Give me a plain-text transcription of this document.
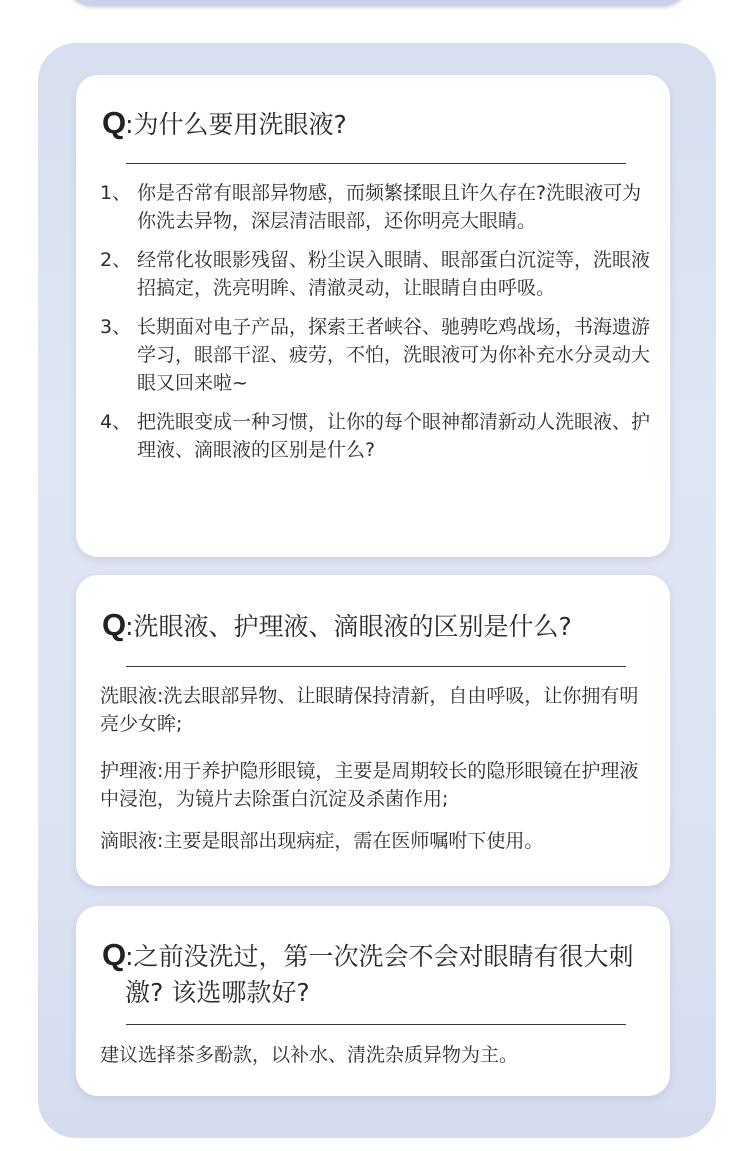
Q :为什么要用洗眼液?
1、 你是否常有眼部异物感，而频繁揉眼且许久存在?洗眼液可为你洗去异物，深层清洁眼部，还你明亮大眼睛。
2、 经常化妆眼影残留、粉尘误入眼睛、眼部蛋白沉淀等，洗眼液招搞定，洗亮明眸、清澈灵动，让眼睛自由呼吸。
3、 长期面对电子产品，探索王者峡谷、驰骋吃鸡战场，书海遗游学习，眼部干涩、疲劳，不怕，洗眼液可为你补充水分灵动大眼又回来啦~
4、 把洗眼变成一种习惯，让你的每个眼神都清新动人洗眼液、护理液、滴眼液的区别是什么?
Q :洗眼液、护理液、滴眼液的区别是什么?

洗眼液:洗去眼部异物、让眼睛保持清新，自由呼吸，让你拥有明亮少女眸;

护理液:用于养护隐形眼镜，主要是周期较长的隐形眼镜在护理液中浸泡，为镜片去除蛋白沉淀及杀菌作用;

滴眼液:主要是眼部出现病症，需在医师嘱咐下使用。

Q :之前没洗过，第一次洗会不会对眼睛有很大刺激? 该选哪款好?

建议选择茶多酚款，以补水、清洗杂质异物为主。
